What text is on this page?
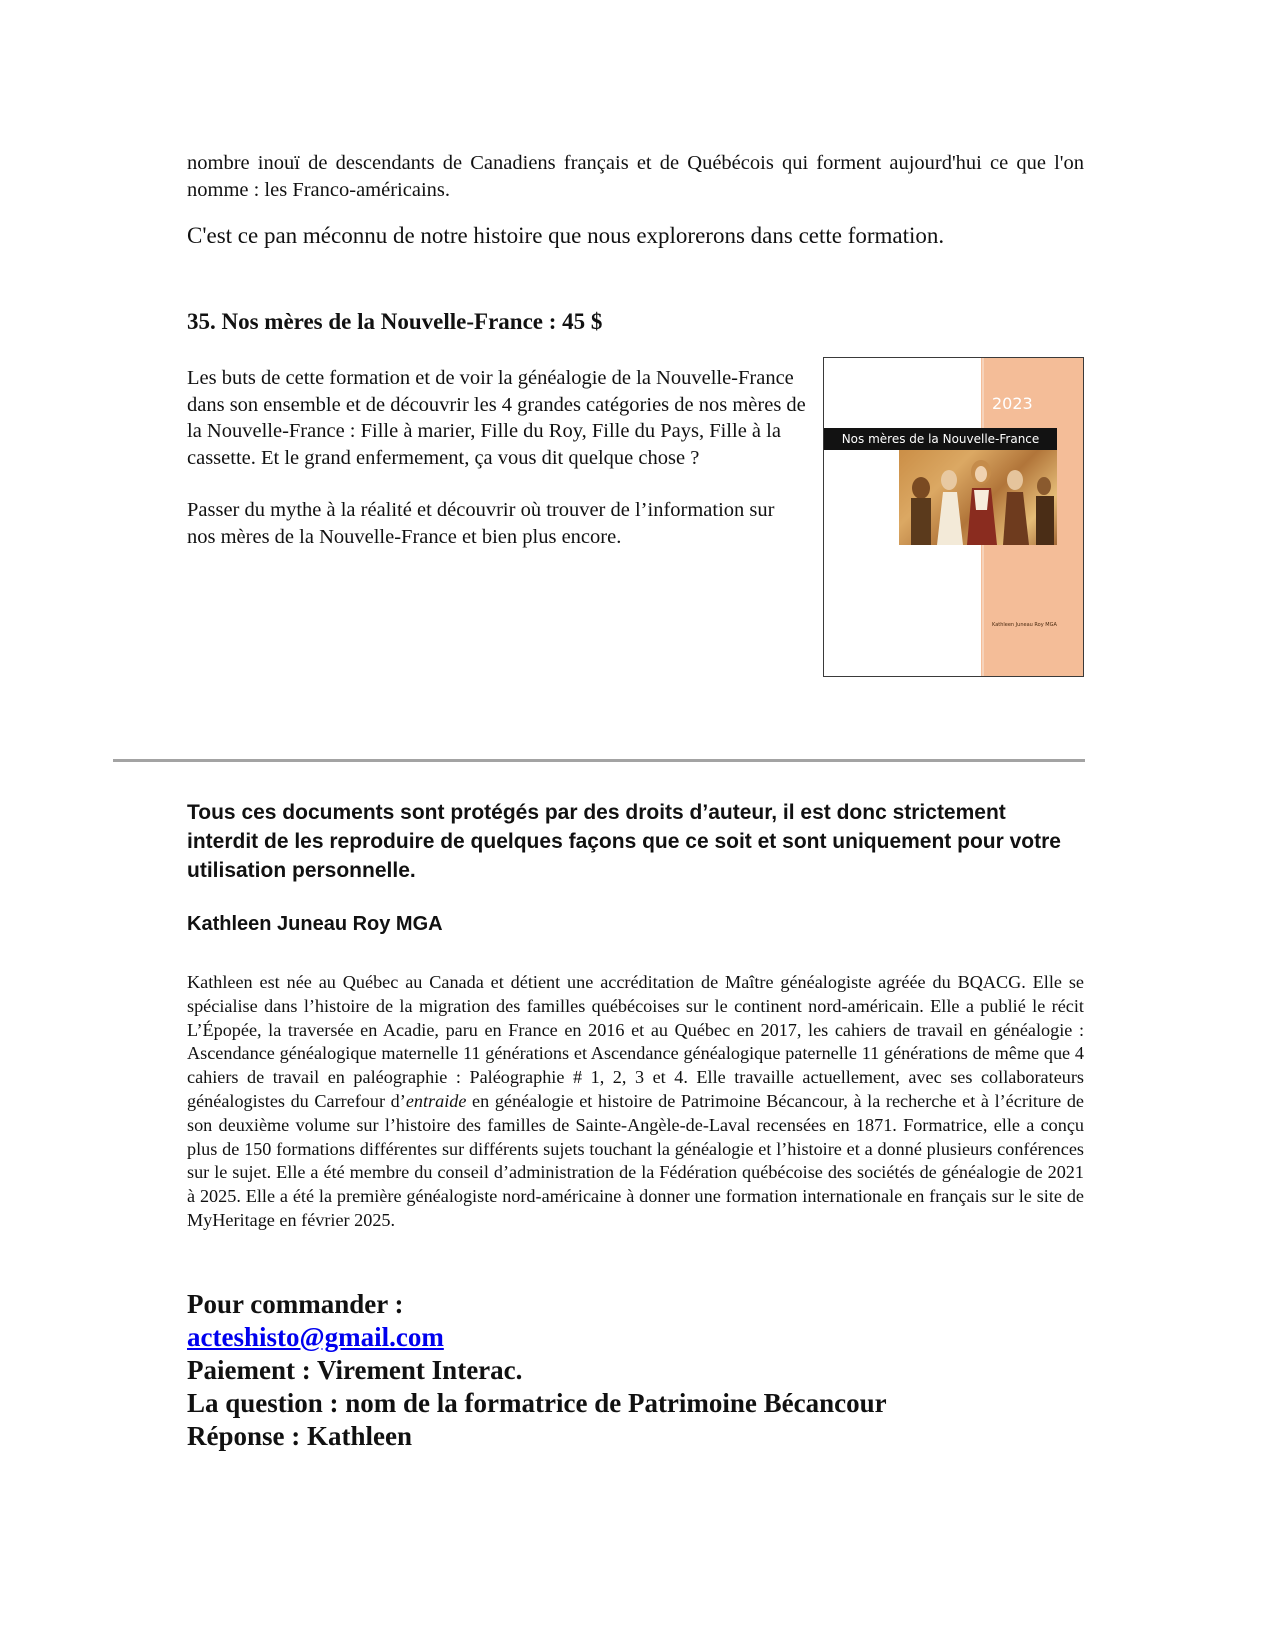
nombre inouï de descendants de Canadiens français et de Québécois qui forment aujourd'hui ce que l'on nomme : les Franco-américains.

C'est ce pan méconnu de notre histoire que nous explorerons dans cette formation.

35. Nos mères de la Nouvelle-France : 45 $

Les buts de cette formation et de voir la généalogie de la Nouvelle-France dans son ensemble et de découvrir les 4 grandes catégories de nos mères de la Nouvelle-France : Fille à marier, Fille du Roy, Fille du Pays, Fille à la cassette. Et le grand enfermement, ça vous dit quelque chose ?

Passer du mythe à la réalité et découvrir où trouver de l’information sur nos mères de la Nouvelle-France et bien plus encore.

2023
Nos mères de la Nouvelle-France
Kathleen Juneau Roy MGA

Tous ces documents sont protégés par des droits d’auteur, il est donc strictement interdit de les reproduire de quelques façons que ce soit et sont uniquement pour votre utilisation personnelle.

Kathleen Juneau Roy MGA

Kathleen est née au Québec au Canada et détient une accréditation de Maître généalogiste agréée du BQACG. Elle se spécialise dans l’histoire de la migration des familles québécoises sur le continent nord-américain. Elle a publié le récit L’Épopée, la traversée en Acadie, paru en France en 2016 et au Québec en 2017, les cahiers de travail en généalogie : Ascendance généalogique maternelle 11 générations et Ascendance généalogique paternelle 11 générations de même que 4 cahiers de travail en paléographie : Paléographie # 1, 2, 3 et 4. Elle travaille actuellement, avec ses collaborateurs généalogistes du Carrefour d’entraide en généalogie et histoire de Patrimoine Bécancour, à la recherche et à l’écriture de son deuxième volume sur l’histoire des familles de Sainte-Angèle-de-Laval recensées en 1871. Formatrice, elle a conçu plus de 150 formations différentes sur différents sujets touchant la généalogie et l’histoire et a donné plusieurs conférences sur le sujet. Elle a été membre du conseil d’administration de la Fédération québécoise des sociétés de généalogie de 2021 à 2025. Elle a été la première généalogiste nord-américaine à donner une formation internationale en français sur le site de MyHeritage en février 2025.

Pour commander :
acteshisto@gmail.com
Paiement : Virement Interac.
La question : nom de la formatrice de Patrimoine Bécancour
Réponse : Kathleen
